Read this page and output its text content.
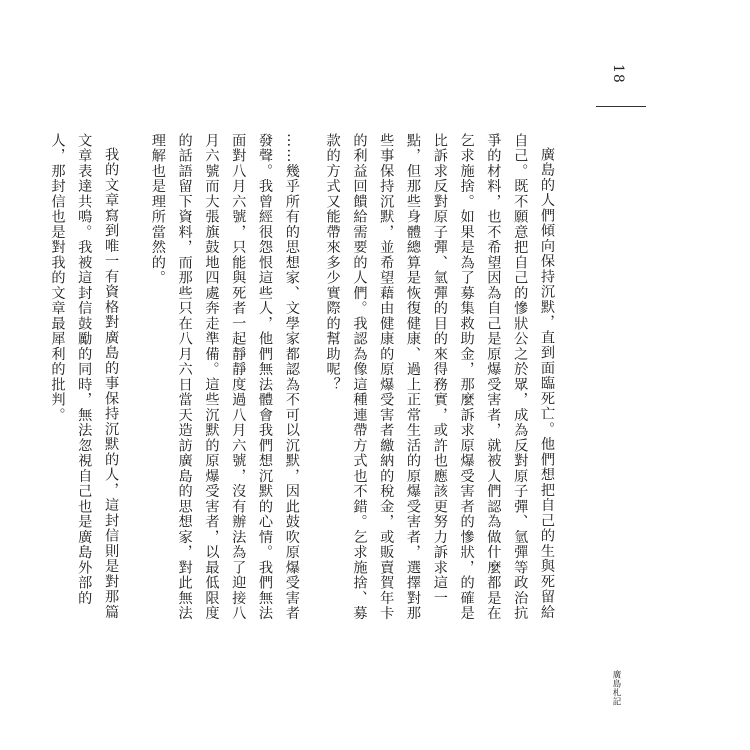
18
廣島札記

廣島的人們傾向保持沉默，直到面臨死亡。他們想把自己的生與死留給自己。既不願意把自己的慘狀公之於眾，成為反對原子彈、氫彈等政治抗爭的材料，也不希望因為自己是原爆受害者，就被人們認為做什麼都是在乞求施捨。如果是為了募集救助金，那麼訴求原爆受害者的慘狀，的確是比訴求反對原子彈、氫彈的目的來得務實，或許也應該更努力訴求這一點，但那些身體總算是恢復健康、過上正常生活的原爆受害者，選擇對那些事保持沉默，並希望藉由健康的原爆受害者繳納的稅金，或販賣賀年卡的利益回饋給需要的人們。我認為像這種連帶方式也不錯。乞求施捨、募款的方式又能帶來多少實際的幫助呢？

……幾乎所有的思想家、文學家都認為不可以沉默，因此鼓吹原爆受害者發聲。我曾經很怨恨這些人，他們無法體會我們想沉默的心情。我們無法面對八月六號，只能與死者一起靜靜度過八月六號，沒有辦法為了迎接八月六號而大張旗鼓地四處奔走準備。這些沉默的原爆受害者，以最低限度的話語留下資料，而那些只在八月六日當天造訪廣島的思想家，對此無法理解也是理所當然的。

我的文章寫到唯一有資格對廣島的事保持沉默的人，這封信則是對那篇文章表達共鳴。我被這封信鼓勵的同時，無法忽視自己也是廣島外部的人，那封信也是對我的文章最犀利的批判。
